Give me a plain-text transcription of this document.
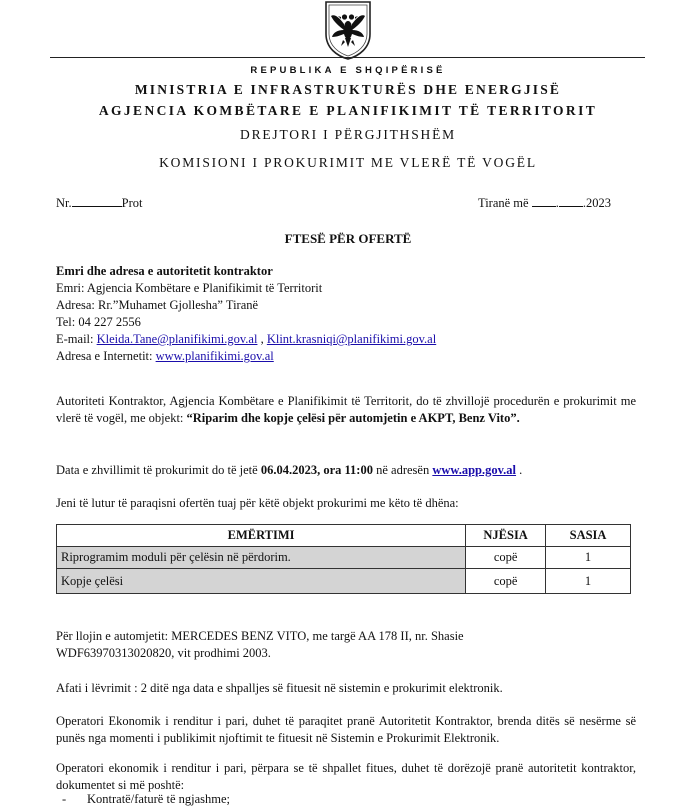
REPUBLIKA E SHQIPËRISË
MINISTRIA E INFRASTRUKTURËS DHE ENERGJISË
AGJENCIA KOMBËTARE E PLANIFIKIMIT TË TERRITORIT
DREJTORI I PËRGJITHSHËM
KOMISIONI I PROKURIMIT ME VLERË TË VOGËL
Nr.	Prot	Tiranë më . .2023
FTESË PËR OFERTË
Emri dhe adresa e autoritetit kontraktor
Emri: Agjencia Kombëtare e Planifikimit të Territorit
Adresa: Rr.”Muhamet Gjollesha” Tiranë
Tel: 04 227 2556
E-mail: Kleida.Tane@planifikimi.gov.al , Klint.krasniqi@planifikimi.gov.al
Adresa e Internetit: www.planifikimi.gov.al
Autoriteti Kontraktor, Agjencia Kombëtare e Planifikimit të Territorit, do të zhvillojë procedurën e prokurimit me vlerë të vogël, me objekt: “Riparim dhe kopje çelësi për automjetin e AKPT, Benz Vito”.
Data e zhvillimit të prokurimit do të jetë 06.04.2023, ora 11:00 në adresën www.app.gov.al .
Jeni të lutur të paraqisni ofertën tuaj për këtë objekt prokurimi me këto të dhëna:
EMËRTIMI	NJËSIA	SASIA
Riprogramim moduli për çelësin në përdorim.	copë	1
Kopje çelësi	copë	1
Për llojin e automjetit: MERCEDES BENZ VITO, me targë AA 178 II, nr. Shasie
WDF63970313020820, vit prodhimi 2003.
Afati i lëvrimit : 2 ditë nga data e shpalljes së fituesit në sistemin e prokurimit elektronik.
Operatori Ekonomik i renditur i pari, duhet të paraqitet pranë Autoritetit Kontraktor, brenda ditës së nesërme së punës nga momenti i publikimit njoftimit te fituesit në Sistemin e Prokurimit Elektronik.
Operatori ekonomik i renditur i pari, përpara se të shpallet fitues, duhet të dorëzojë pranë autoritetit kontraktor, dokumentet si më poshtë:
- Kontratë/faturë të ngjashme;
